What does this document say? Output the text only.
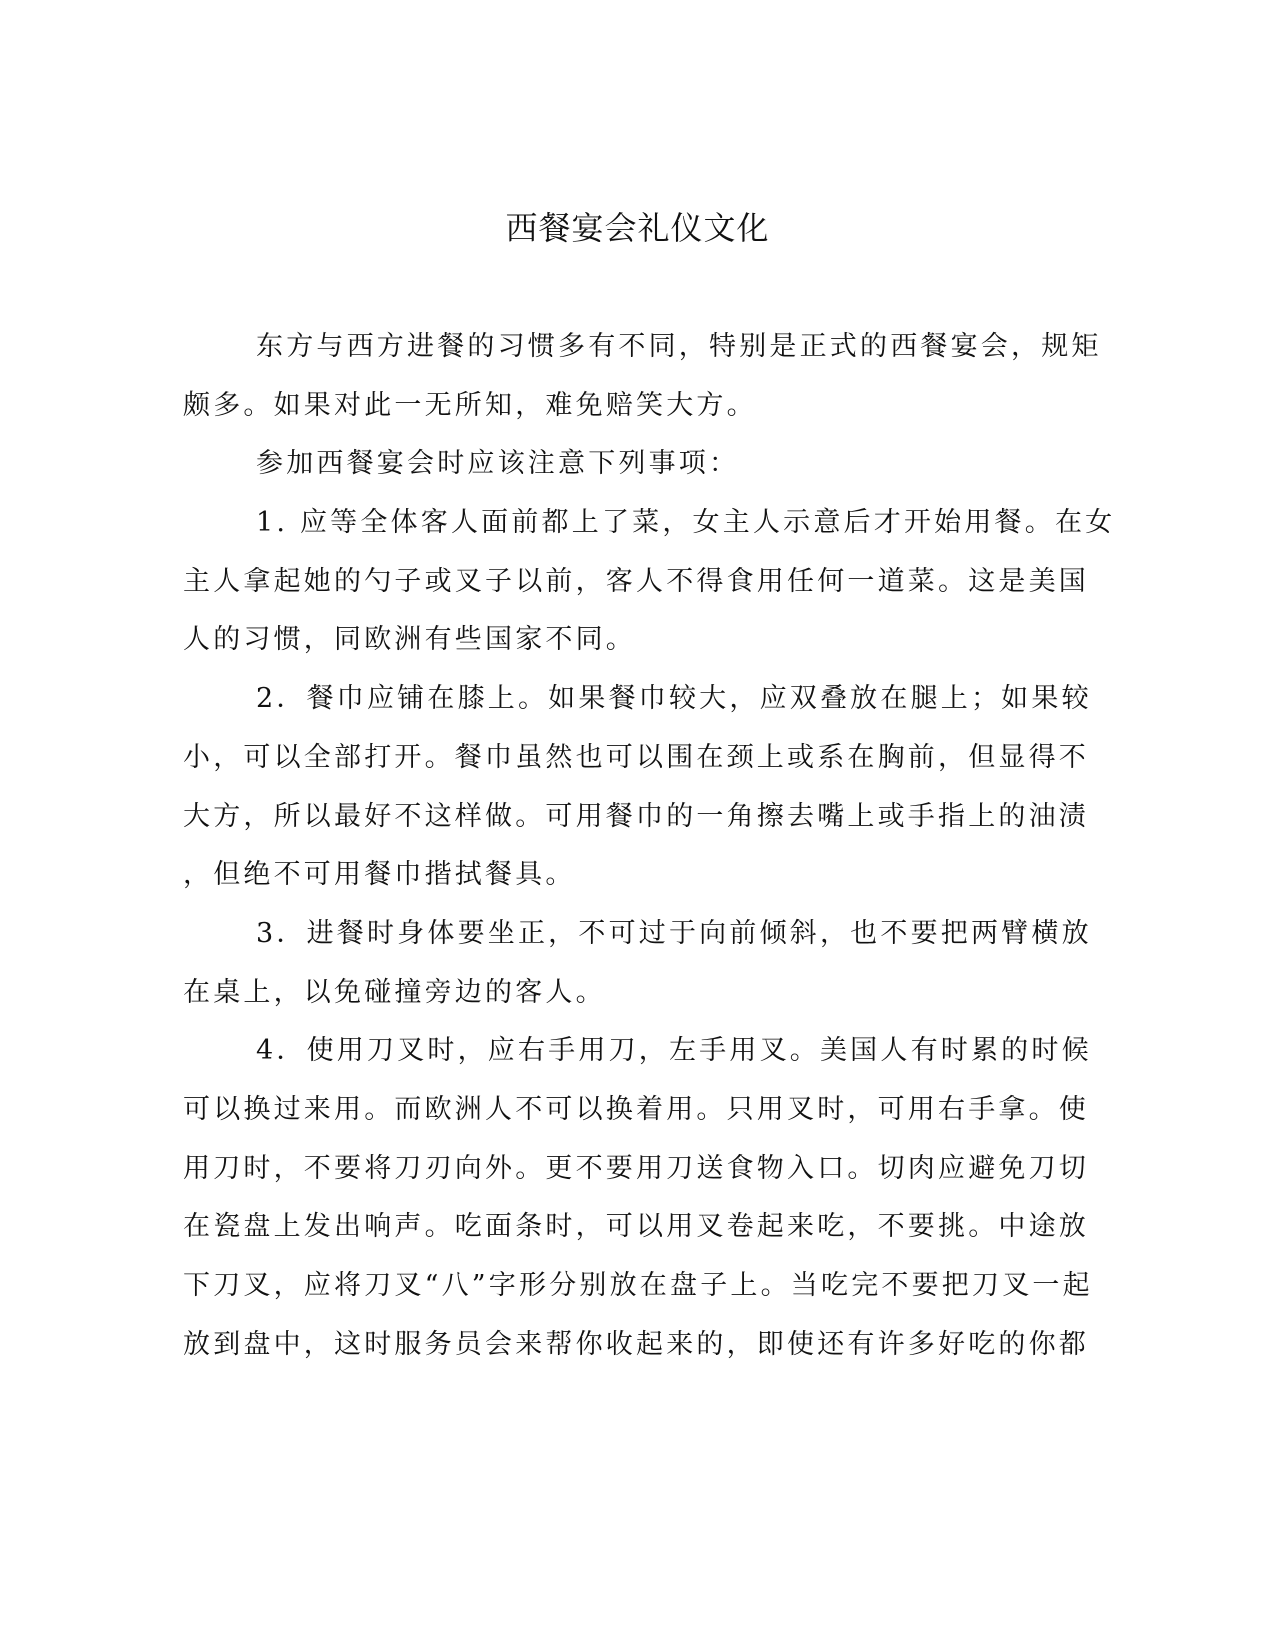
西餐宴会礼仪文化
东方与西方进餐的习惯多有不同，特别是正式的西餐宴会，规矩
颇多。如果对此一无所知，难免赔笑大方。
参加西餐宴会时应该注意下列事项：
1. 应等全体客人面前都上了菜，女主人示意后才开始用餐。在女
主人拿起她的勺子或叉子以前，客人不得食用任何一道菜。这是美国
人的习惯，同欧洲有些国家不同。
2．餐巾应铺在膝上。如果餐巾较大，应双叠放在腿上；如果较
小，可以全部打开。餐巾虽然也可以围在颈上或系在胸前，但显得不
大方，所以最好不这样做。可用餐巾的一角擦去嘴上或手指上的油渍
，但绝不可用餐巾揩拭餐具。
3．进餐时身体要坐正，不可过于向前倾斜，也不要把两臂横放
在桌上，以免碰撞旁边的客人。
4．使用刀叉时，应右手用刀，左手用叉。美国人有时累的时候
可以换过来用。而欧洲人不可以换着用。只用叉时，可用右手拿。使
用刀时，不要将刀刃向外。更不要用刀送食物入口。切肉应避免刀切
在瓷盘上发出响声。吃面条时，可以用叉卷起来吃，不要挑。中途放
下刀叉，应将刀叉“八”字形分别放在盘子上。当吃完不要把刀叉一起
放到盘中，这时服务员会来帮你收起来的，即使还有许多好吃的你都
